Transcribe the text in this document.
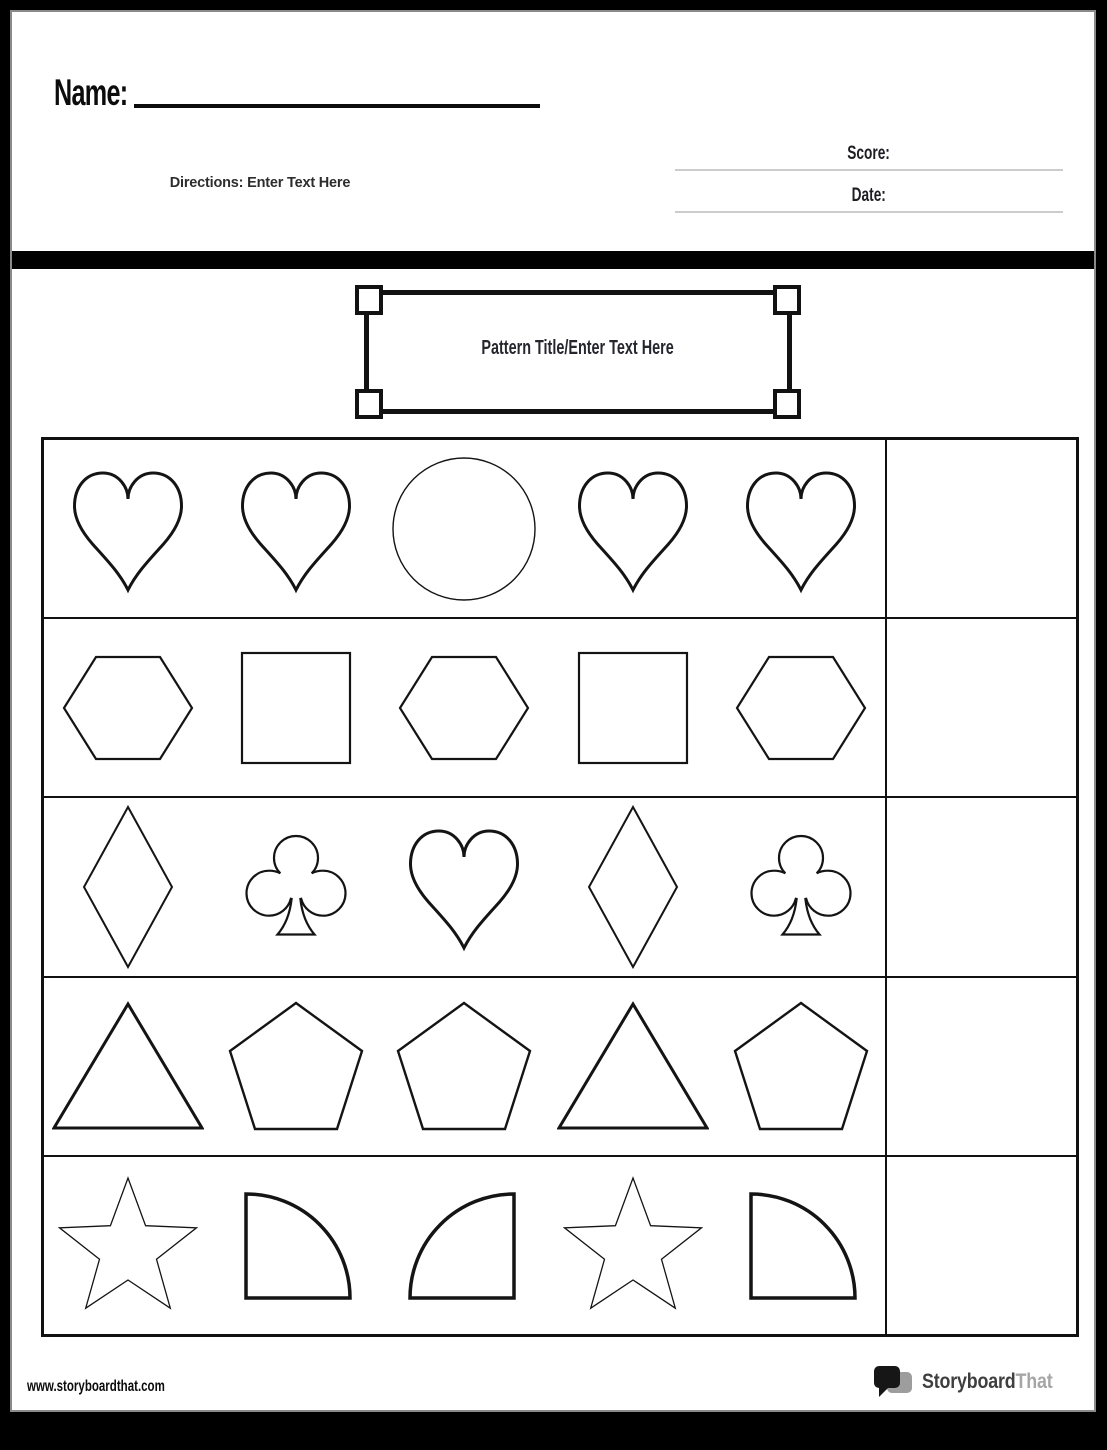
Name:
Directions: Enter Text Here
Score:
Date:
Pattern Title/Enter Text Here
www.storyboardthat.com	StoryboardThat
